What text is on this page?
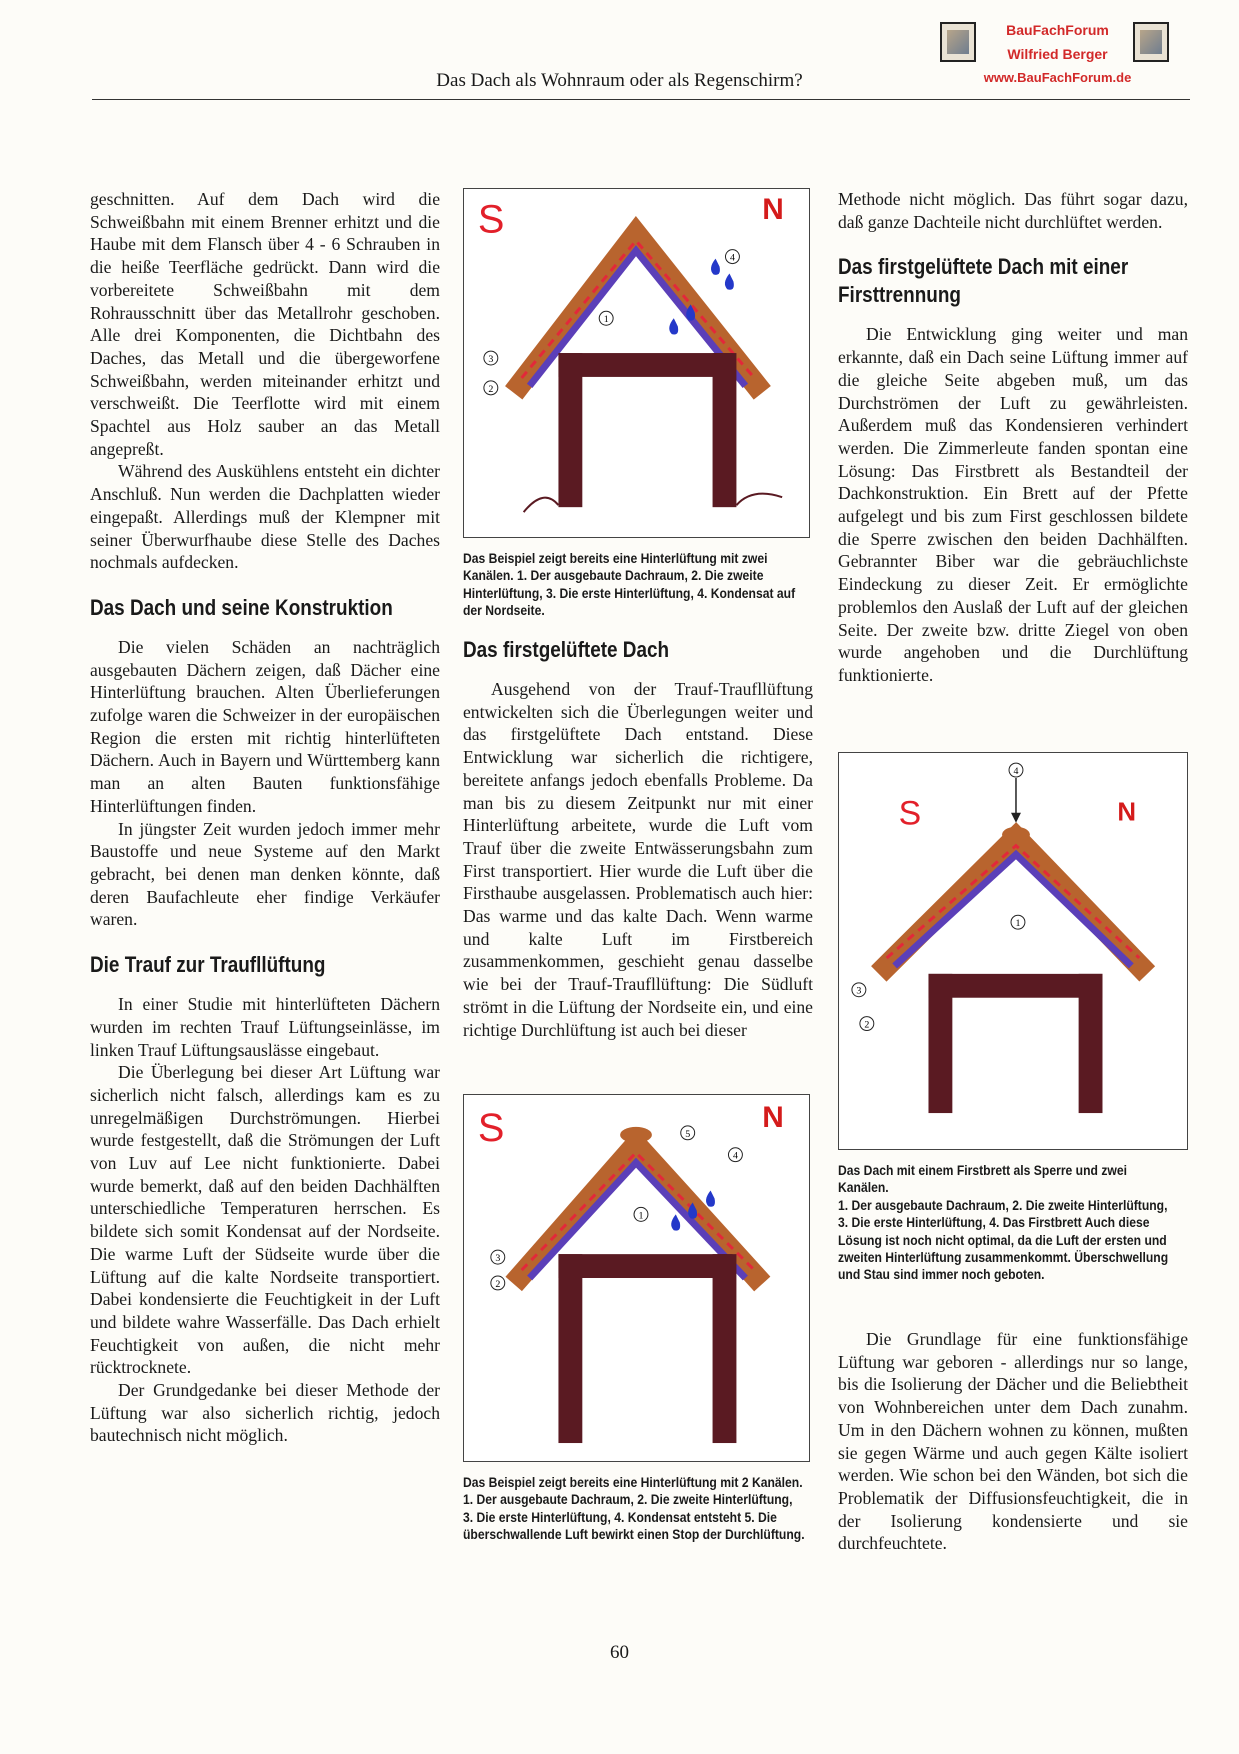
Das Dach als Wohnraum oder als Regenschirm?
BauFachForum
Wilfried Berger
www.BauFachForum.de

geschnitten. Auf dem Dach wird die Schweißbahn mit einem Brenner erhitzt und die Haube mit dem Flansch über 4 - 6 Schrauben in die heiße Teerfläche gedrückt. Dann wird die vorbereitete Schweißbahn mit dem Rohrausschnitt über das Metallrohr geschoben. Alle drei Komponenten, die Dichtbahn des Daches, das Metall und die übergeworfene Schweißbahn, werden miteinander erhitzt und verschweißt. Die Teerflotte wird mit einem Spachtel aus Holz sauber an das Metall angepreßt.

Während des Auskühlens entsteht ein dichter Anschluß. Nun werden die Dachplatten wieder eingepaßt. Allerdings muß der Klempner mit seiner Überwurfhaube diese Stelle des Daches nochmals aufdecken.

Das Dach und seine Konstruktion

Die vielen Schäden an nachträglich ausgebauten Dächern zeigen, daß Dächer eine Hinterlüftung brauchen. Alten Überlieferungen zufolge waren die Schweizer in der europäischen Region die ersten mit richtig hinterlüfteten Dächern. Auch in Bayern und Württemberg kann man an alten Bauten funktionsfähige Hinterlüftungen finden.

In jüngster Zeit wurden jedoch immer mehr Baustoffe und neue Systeme auf den Markt gebracht, bei denen man denken könnte, daß deren Baufachleute eher findige Verkäufer waren.

Die Trauf zur Traufllüftung

In einer Studie mit hinterlüfteten Dächern wurden im rechten Trauf Lüftungseinlässe, im linken Trauf Lüftungsauslässe eingebaut.

Die Überlegung bei dieser Art Lüftung war sicherlich nicht falsch, allerdings kam es zu unregelmäßigen Durchströmungen. Hierbei wurde festgestellt, daß die Strömungen der Luft von Luv auf Lee nicht funktionierte. Dabei wurde bemerkt, daß auf den beiden Dachhälften unterschiedliche Temperaturen herrschen. Es bildete sich somit Kondensat auf der Nordseite. Die warme Luft der Südseite wurde über die Lüftung auf die kalte Nordseite transportiert. Dabei kondensierte die Feuchtigkeit in der Luft und bildete wahre Wasserfälle. Das Dach erhielt Feuchtigkeit von außen, die nicht mehr rücktrocknete.

Der Grundgedanke bei dieser Methode der Lüftung war also sicherlich richtig, jedoch bautechnisch nicht möglich.

S	N
4
1
3
2
Das Beispiel zeigt bereits eine Hinterlüftung mit zwei Kanälen. 1. Der ausgebaute Dachraum, 2. Die zweite Hinterlüftung, 3. Die erste Hinterlüftung, 4. Kondensat auf der Nordseite.
Das firstgelüftete Dach

Ausgehend von der Trauf-Traufllüftung entwickelten sich die Überlegungen weiter und das firstgelüftete Dach entstand. Diese Entwicklung war sicherlich die richtigere, bereitete anfangs jedoch ebenfalls Probleme. Da man bis zu diesem Zeitpunkt nur mit einer Hinterlüftung arbeitete, wurde die Luft vom Trauf über die zweite Entwässerungsbahn zum First transportiert. Hier wurde die Luft über die Firsthaube ausgelassen. Problematisch auch hier: Das warme und das kalte Dach. Wenn warme und kalte Luft im Firstbereich zusammenkommen, geschieht genau dasselbe wie bei der Trauf-Traufllüftung: Die Südluft strömt in die Lüftung der Nordseite ein, und eine richtige Durchlüftung ist auch bei dieser

S	N
5
4
1
3
2
Das Beispiel zeigt bereits eine Hinterlüftung mit 2 Kanälen.
1. Der ausgebaute Dachraum, 2. Die zweite Hinterlüftung, 3. Die erste Hinterlüftung, 4. Kondensat entsteht 5. Die überschwallende Luft bewirkt einen Stop der Durchlüftung.

Methode nicht möglich. Das führt sogar dazu, daß ganze Dachteile nicht durchlüftet werden.

Das firstgelüftete Dach mit einer Firsttrennung

Die Entwicklung ging weiter und man erkannte, daß ein Dach seine Lüftung immer auf die gleiche Seite abgeben muß, um das Durchströmen der Luft zu gewährleisten. Außerdem muß das Kondensieren verhindert werden. Die Zimmerleute fanden spontan eine Lösung: Das Firstbrett als Bestandteil der Dachkonstruktion. Ein Brett auf der Pfette aufgelegt und bis zum First geschlossen bildete die Sperre zwischen den beiden Dachhälften. Gebrannter Biber war die gebräuchlichste Eindeckung zu dieser Zeit. Er ermöglichte problemlos den Auslaß der Luft auf der gleichen Seite. Der zweite bzw. dritte Ziegel von oben wurde angehoben und die Durchlüftung funktionierte.

S	N
4
1
3
2
Das Dach mit einem Firstbrett als Sperre und zwei Kanälen.
1. Der ausgebaute Dachraum, 2. Die zweite Hinterlüftung, 3. Die erste Hinterlüftung, 4. Das Firstbrett Auch diese Lösung ist noch nicht optimal, da die Luft der ersten und zweiten Hinterlüftung zusammenkommt. Überschwellung und Stau sind immer noch geboten.

Die Grundlage für eine funktionsfähige Lüftung war geboren - allerdings nur so lange, bis die Isolierung der Dächer und die Beliebtheit von Wohnbereichen unter dem Dach zunahm. Um in den Dächern wohnen zu können, mußten sie gegen Wärme und auch gegen Kälte isoliert werden. Wie schon bei den Wänden, bot sich die Problematik der Diffusionsfeuchtigkeit, die in der Isolierung kondensierte und sie durchfeuchtete.

60
